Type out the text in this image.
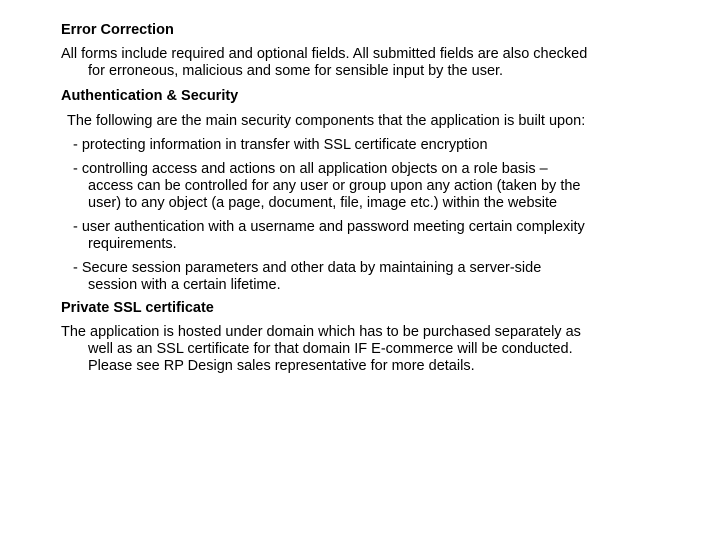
Error Correction
All forms include required and optional fields. All submitted fields are also checked
for erroneous, malicious and some for sensible input by the user.
Authentication & Security
The following are the main security components that the application is built upon:
- protecting information in transfer with SSL certificate encryption
- controlling access and actions on all application objects on a role basis –
access can be controlled for any user or group upon any action (taken by the
user) to any object (a page, document, file, image etc.) within the website
- user authentication with a username and password meeting certain complexity
requirements.
- Secure session parameters and other data by maintaining a server-side
session with a certain lifetime.
Private SSL certificate
The application is hosted under domain which has to be purchased separately as
well as an SSL certificate for that domain IF E-commerce will be conducted.
Please see RP Design sales representative for more details.
